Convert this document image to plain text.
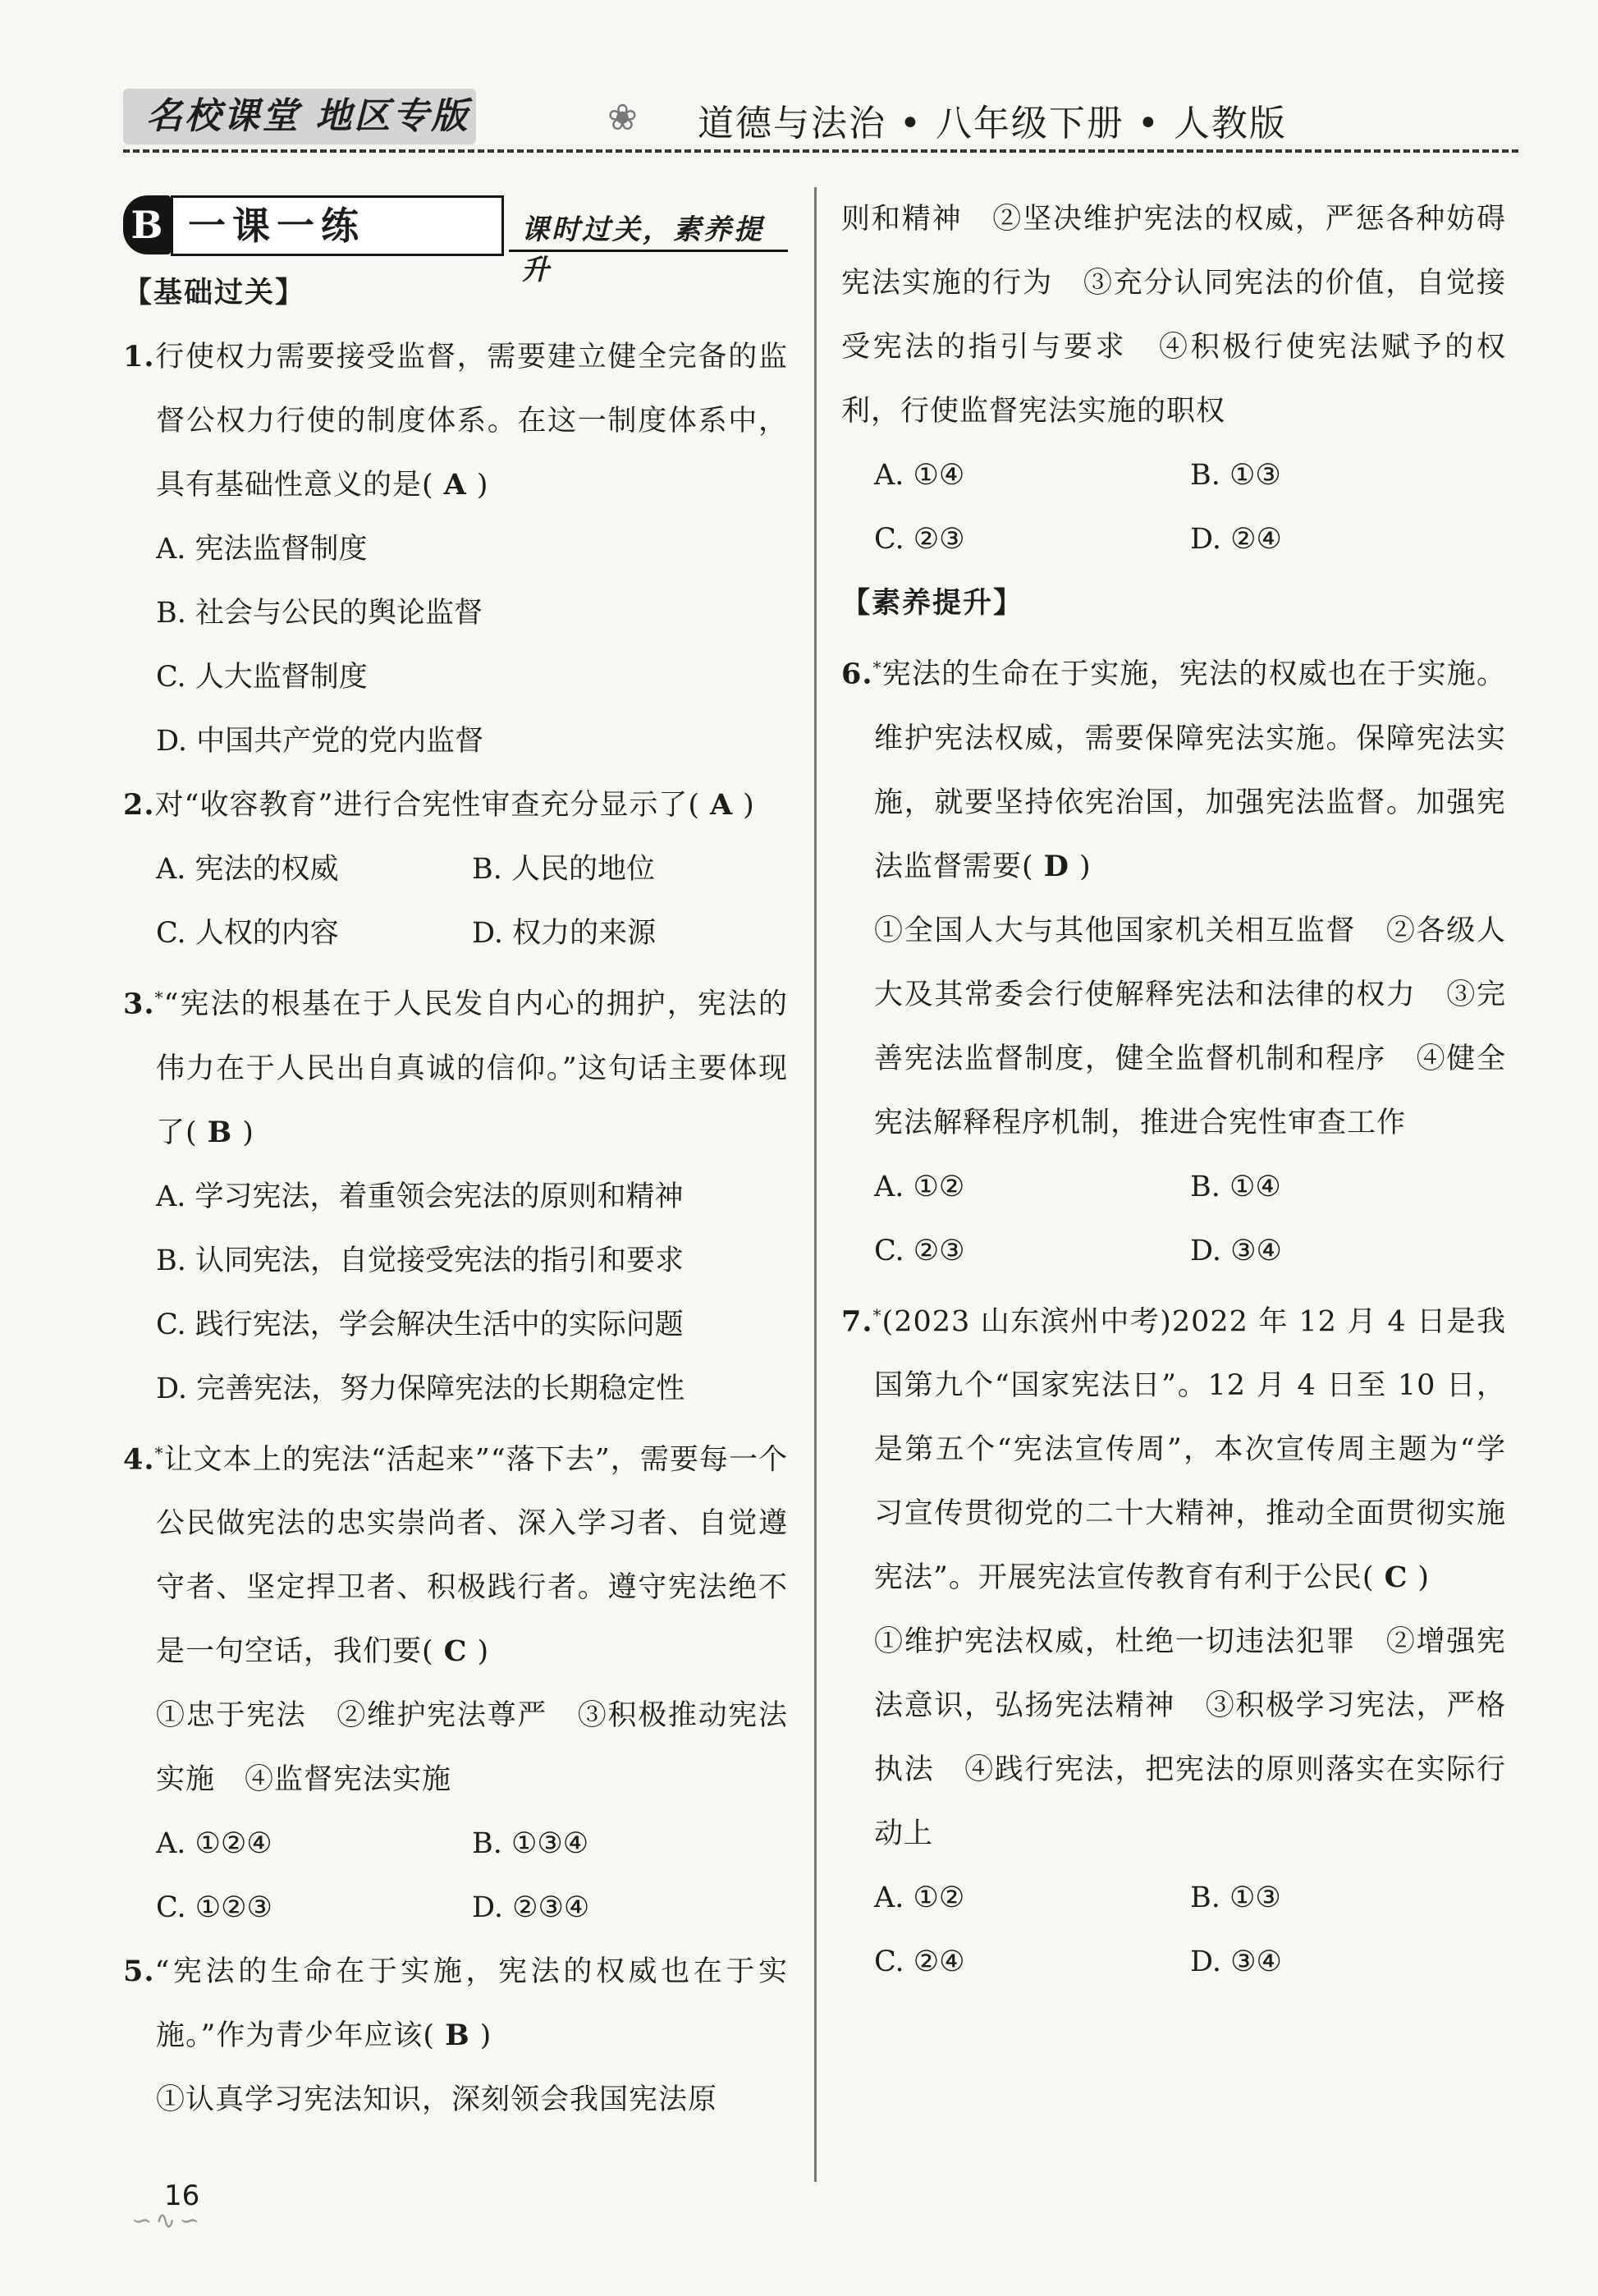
名校课堂 地区专版	❀ 道德与法治 • 八年级下册 • 人教版
B 一课一练	课时过关，素养提升
【基础过关】
1.行使权力需要接受监督，需要建立健全完备的监督公权力行使的制度体系。在这一制度体系中，具有基础性意义的是( A )
A. 宪法监督制度
B. 社会与公民的舆论监督
C. 人大监督制度
D. 中国共产党的党内监督
2.对“收容教育”进行合宪性审查充分显示了( A )
A. 宪法的权威	B. 人民的地位
C. 人权的内容	D. 权力的来源
3.*“宪法的根基在于人民发自内心的拥护，宪法的伟力在于人民出自真诚的信仰。”这句话主要体现了( B )
A. 学习宪法，着重领会宪法的原则和精神
B. 认同宪法，自觉接受宪法的指引和要求
C. 践行宪法，学会解决生活中的实际问题
D. 完善宪法，努力保障宪法的长期稳定性
4.*让文本上的宪法“活起来”“落下去”，需要每一个公民做宪法的忠实崇尚者、深入学习者、自觉遵守者、坚定捍卫者、积极践行者。遵守宪法绝不是一句空话，我们要( C )
①忠于宪法　②维护宪法尊严　③积极推动宪法实施　④监督宪法实施
A. ①②④	B. ①③④
C. ①②③	D. ②③④
5.“宪法的生命在于实施，宪法的权威也在于实施。”作为青少年应该( B )
①认真学习宪法知识，深刻领会我国宪法原
则和精神　②坚决维护宪法的权威，严惩各种妨碍宪法实施的行为　③充分认同宪法的价值，自觉接受宪法的指引与要求　④积极行使宪法赋予的权利，行使监督宪法实施的职权
A. ①④	B. ①③
C. ②③	D. ②④
【素养提升】
6.*宪法的生命在于实施，宪法的权威也在于实施。维护宪法权威，需要保障宪法实施。保障宪法实施，就要坚持依宪治国，加强宪法监督。加强宪法监督需要( D )
①全国人大与其他国家机关相互监督　②各级人大及其常委会行使解释宪法和法律的权力　③完善宪法监督制度，健全监督机制和程序　④健全宪法解释程序机制，推进合宪性审查工作
A. ①②	B. ①④
C. ②③	D. ③④
7.*(2023 山东滨州中考)2022 年 12 月 4 日是我国第九个“国家宪法日”。12 月 4 日至 10 日，是第五个“宪法宣传周”，本次宣传周主题为“学习宣传贯彻党的二十大精神，推动全面贯彻实施宪法”。开展宪法宣传教育有利于公民( C )
①维护宪法权威，杜绝一切违法犯罪　②增强宪法意识，弘扬宪法精神　③积极学习宪法，严格执法　④践行宪法，把宪法的原则落实在实际行动上
A. ①②	B. ①③
C. ②④	D. ③④
16
∽∿∽
